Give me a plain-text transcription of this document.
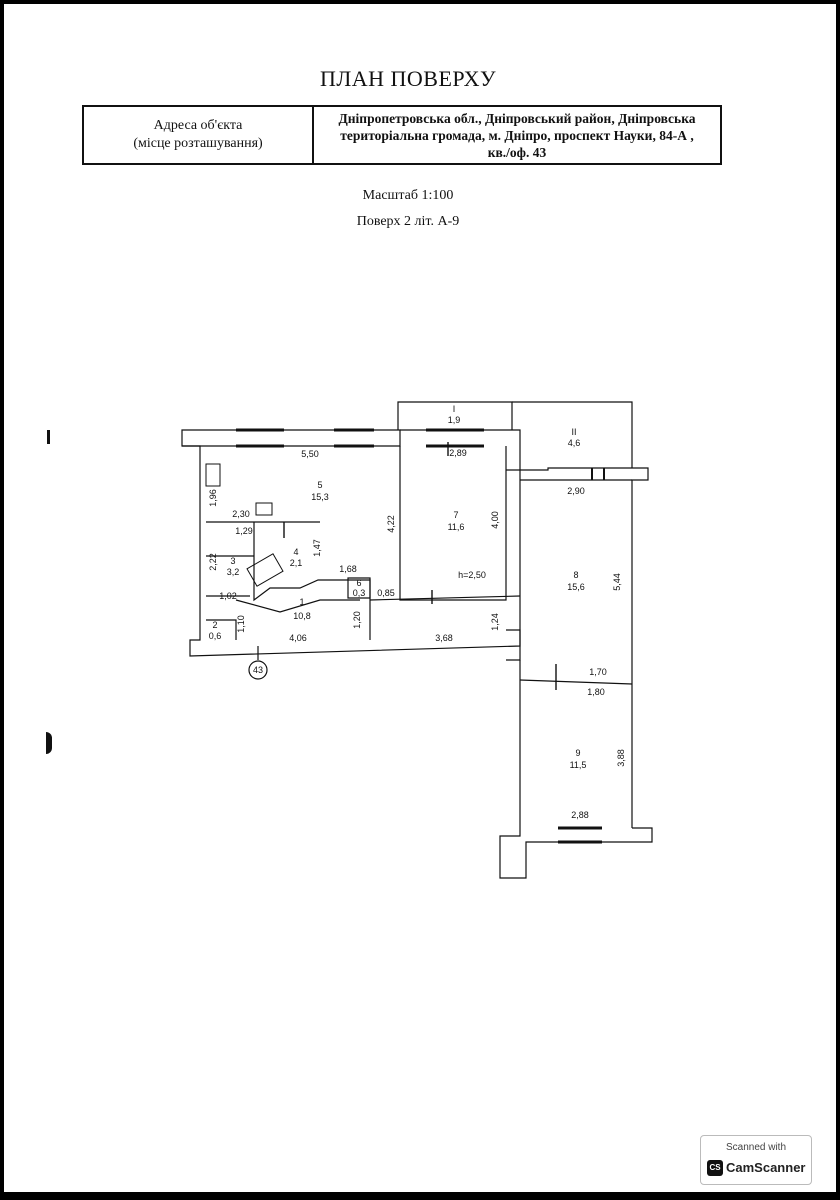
ПЛАН ПОВЕРХУ
Адреса об'єкта
(місце розташування)
Дніпропетровська обл., Дніпровський район, Дніпровська
територіальна громада, м. Дніпро, проспект Науки, 84-А ,
кв./оф. 43
Масштаб 1:100
Поверх 2 літ. А-9
43
1
10,8
2
0,6
3
3,2
4
2,1
5
15,3
6
0,3
7
11,6
8
15,6
9
11,5
I
1,9
II
4,6
h=2,50
5,50
1,96
2,30
1,29
2,22
1,02
1,47
1,68
4,22
0,85
1,10
4,06
1,20
3,68
1,24
2,89
4,00
2,90
5,44
1,70
1,80
3,88
2,88
Scanned with
CS CamScanner
